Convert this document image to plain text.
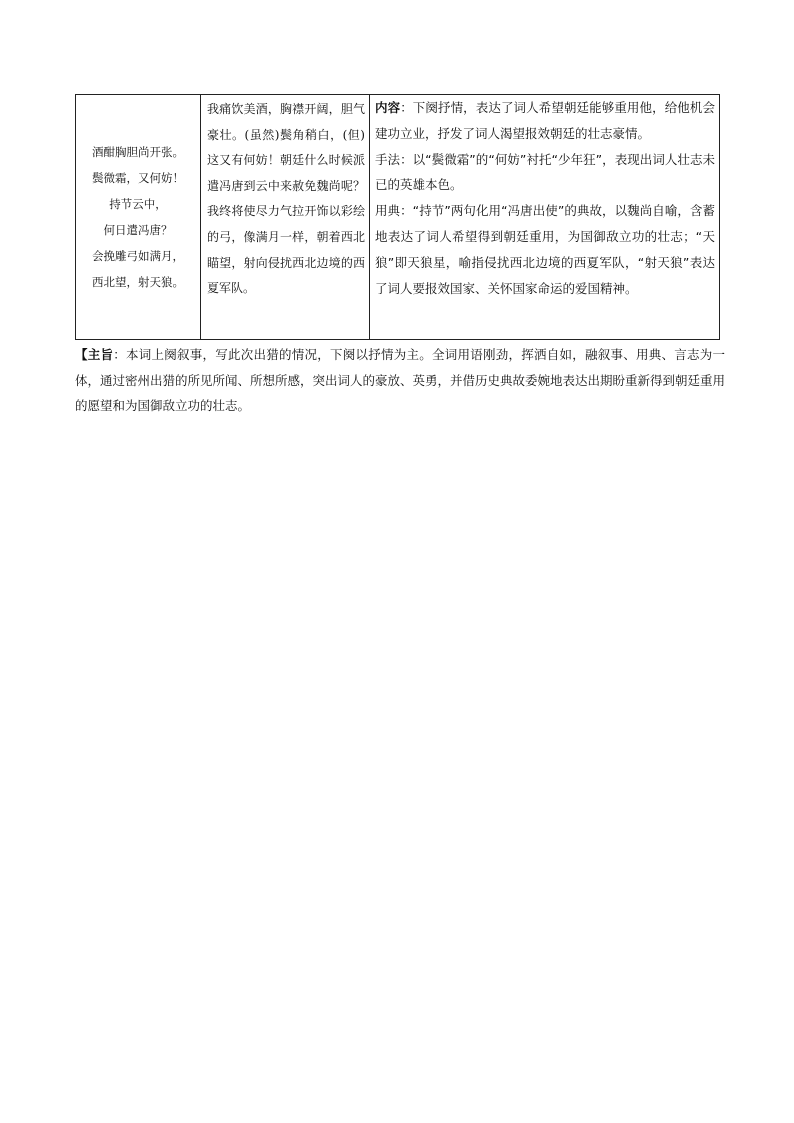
酒酣胸胆尚开张。
鬓微霜，又何妨！
持节云中，
何日遣冯唐？
会挽雕弓如满月，
西北望，射天狼。

我痛饮美酒，胸襟开阔，胆气豪壮。(虽然)鬓角稍白，(但)这又有何妨！朝廷什么时候派遣冯唐到云中来赦免魏尚呢？我终将使尽力气拉开饰以彩绘的弓，像满月一样，朝着西北瞄望，射向侵扰西北边境的西夏军队。

内容：下阕抒情，表达了词人希望朝廷能够重用他，给他机会建功立业，抒发了词人渴望报效朝廷的壮志豪情。
手法：以“鬓微霜”的“何妨”衬托“少年狂”，表现出词人壮志未已的英雄本色。
用典：“持节”两句化用“冯唐出使”的典故，以魏尚自喻，含蓄地表达了词人希望得到朝廷重用，为国御敌立功的壮志；“天狼”即天狼星，喻指侵扰西北边境的西夏军队，“射天狼”表达了词人要报效国家、关怀国家命运的爱国精神。
【主旨：本词上阕叙事，写此次出猎的情况，下阕以抒情为主。全词用语刚劲，挥洒自如，融叙事、用典、言志为一体，通过密州出猎的所见所闻、所想所感，突出词人的豪放、英勇，并借历史典故委婉地表达出期盼重新得到朝廷重用的愿望和为国御敌立功的壮志。
